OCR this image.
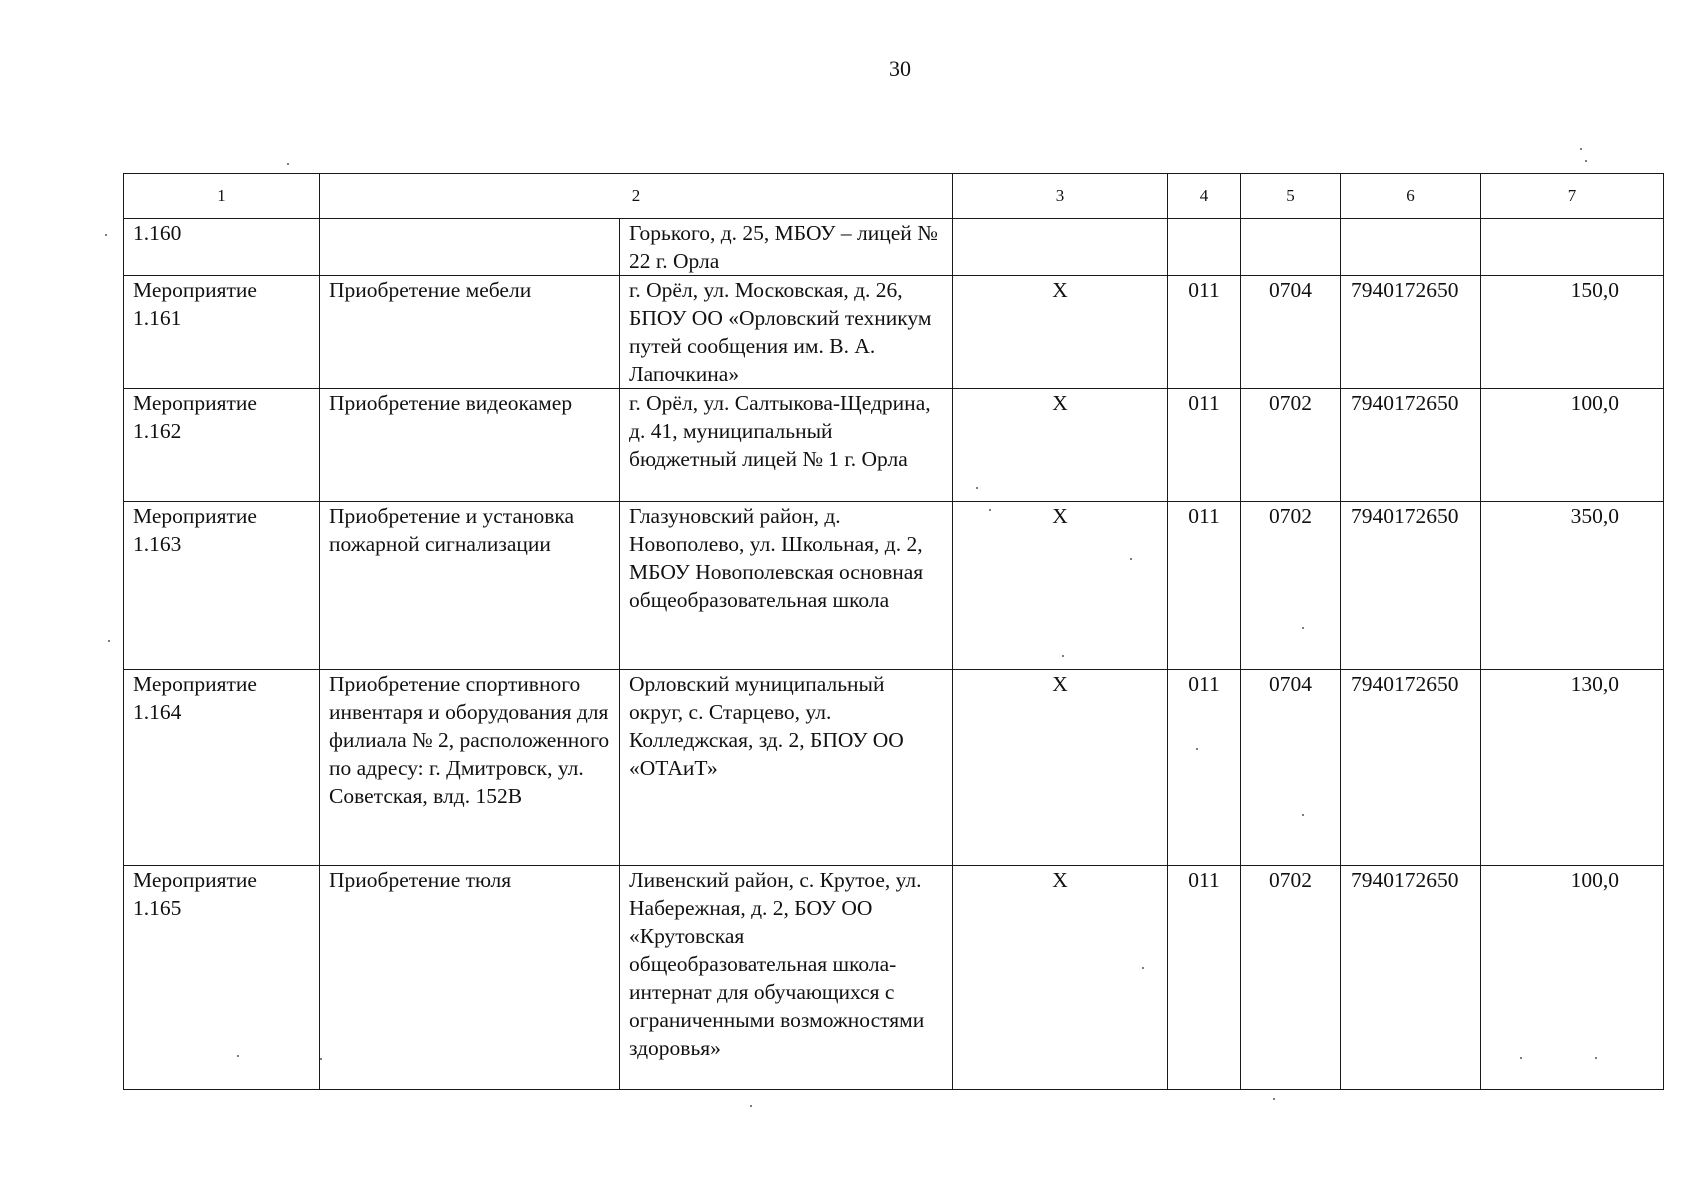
30
1	2		3	4	5	6	7
1.160		Горького, д. 25, МБОУ – лицей № 22 г. Орла					
Мероприятие 1.161	Приобретение мебели	г. Орёл, ул. Московская, д. 26, БПОУ ОО «Орловский техникум путей сообщения им. В. А. Лапочкина»	Х	011	0704	7940172650	150,0
Мероприятие 1.162	Приобретение видеокамер	г. Орёл, ул. Салтыкова-Щедрина, д. 41, муниципальный бюджетный лицей № 1 г. Орла	Х	011	0702	7940172650	100,0
Мероприятие 1.163	Приобретение и установка пожарной сигнализации	Глазуновский район, д. Новополево, ул. Школьная, д. 2, МБОУ Новополевская основная общеобразовательная школа	Х	011	0702	7940172650	350,0
Мероприятие 1.164	Приобретение спортивного инвентаря и оборудования для филиала № 2, расположенного по адресу: г. Дмитровск, ул. Советская, влд. 152В	Орловский муниципальный округ, с. Старцево, ул. Колледжская, зд. 2, БПОУ ОО «ОТАиТ»	Х	011	0704	7940172650	130,0
Мероприятие 1.165	Приобретение тюля	Ливенский район, с. Крутое, ул. Набережная, д. 2, БОУ ОО «Крутовская общеобразовательная школа-интернат для обучающихся с ограниченными возможностями здоровья»	Х	011	0702	7940172650	100,0
